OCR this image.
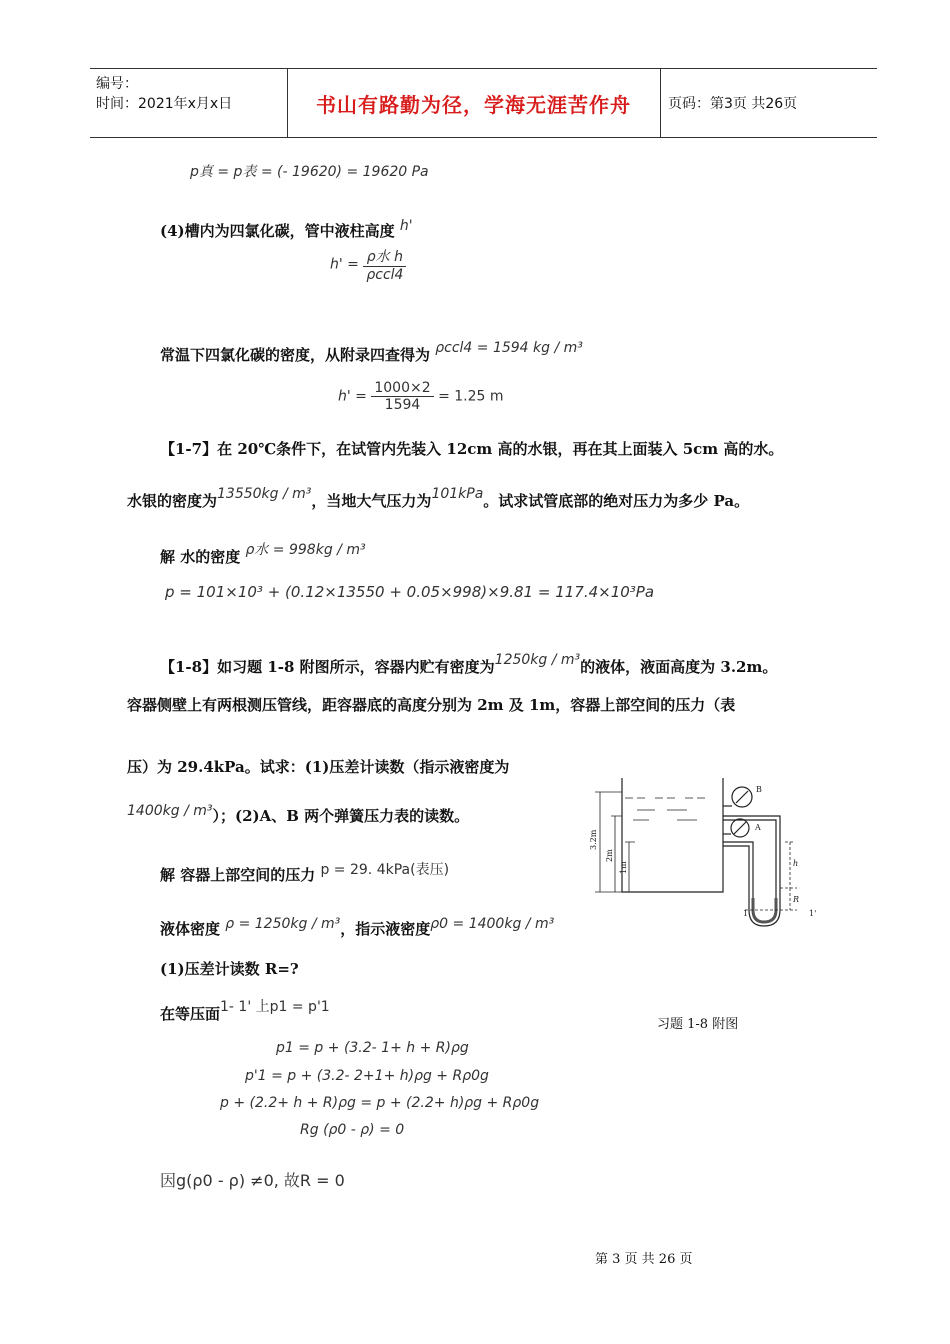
编号：
时间：2021年x月x日	书山有路勤为径，学海无涯苦作舟	页码：第3页 共26页
p真 = p表 = (- 19620) = 19620 Pa
(4)槽内为四氯化碳，管中液柱高度 h'
$h' = \frac{\text{ρ水 h}}{\text{ρccl4}}$
常温下四氯化碳的密度，从附录四查得为 ρccl4 = 1594 kg / m³
$h' = \frac{1000\times 2}{1594} = 1.25$ m
【1-7】在 20℃条件下，在试管内先装入 12cm 高的水银，再在其上面装入 5cm 高的水。
水银的密度为13550kg / m³，当地大气压力为101kPa。试求试管底部的绝对压力为多少 Pa。
解 水的密度 ρ水 = 998kg / m³
p = 101×10³ + (0.12×13550 + 0.05×998)×9.81 = 117.4×10³Pa
【1-8】如习题 1-8 附图所示，容器内贮有密度为1250kg / m³的液体，液面高度为 3.2m。
容器侧壁上有两根测压管线，距容器底的高度分别为 2m 及 1m，容器上部空间的压力（表
压）为 29.4kPa。试求：(1)压差计读数（指示液密度为
1400kg / m³）；(2)A、B 两个弹簧压力表的读数。
解 容器上部空间的压力 p = 29. 4kPa(表压)
液体密度 ρ = 1250kg / m³，指示液密度ρ0 = 1400kg / m³
(1)压差计读数 R=?
在等压面1- 1' 上p1 = p'1
p1 = p + (3.2- 1+ h + R)ρg
p'1 = p + (3.2- 2+1+ h)ρg + Rρ0g
p + (2.2+ h + R)ρg = p + (2.2+ h)ρg + Rρ0g
Rg (ρ0 - ρ) = 0
因g(ρ0 - ρ) ≠0, 故R = 0
B
A
3.2m
2m
1m	h
R
1	1'
习题 1-8 附图
第 3 页 共 26 页
